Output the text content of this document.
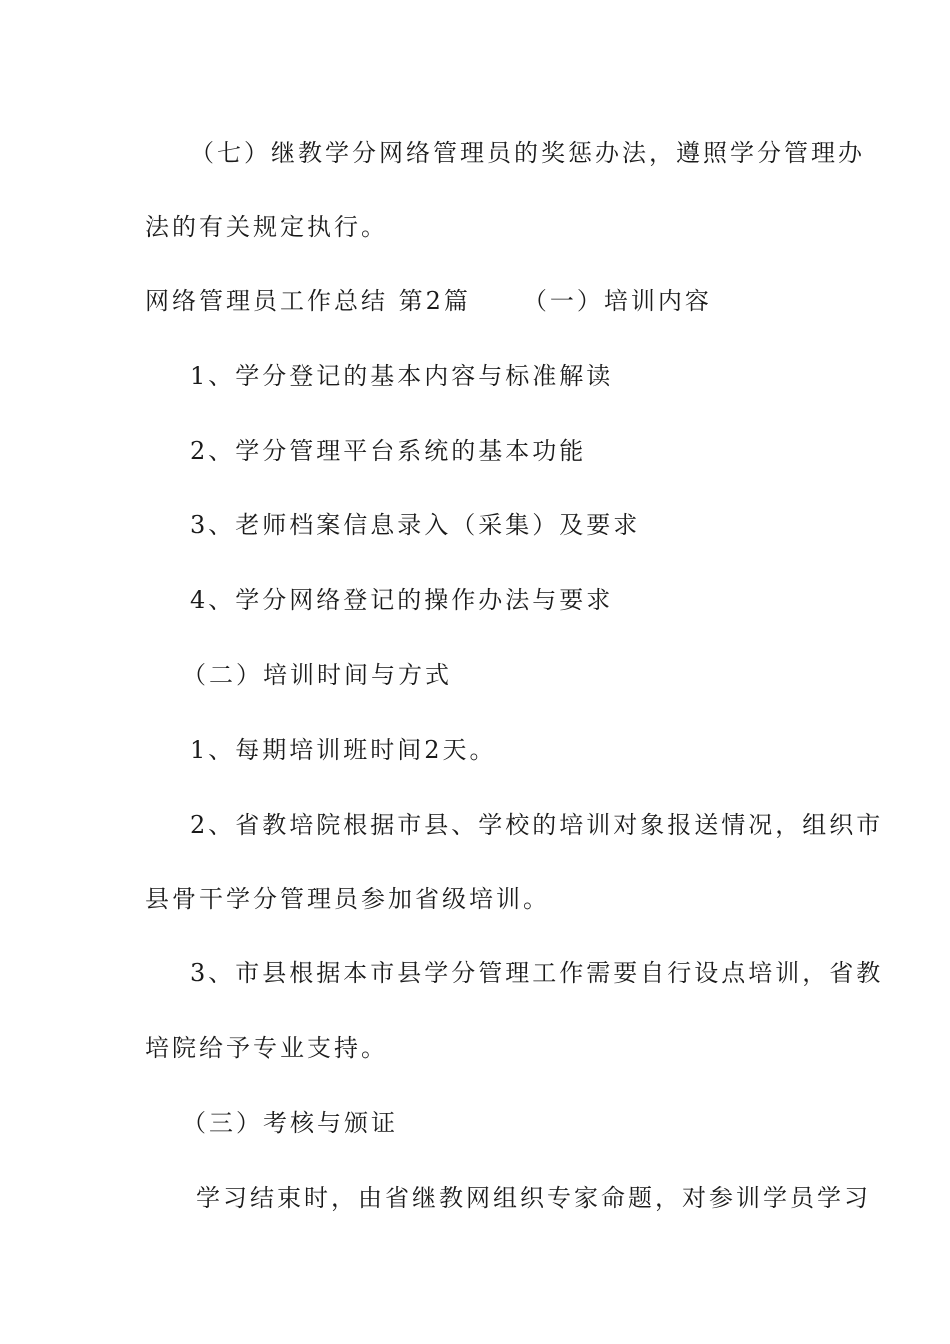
（七）继教学分网络管理员的奖惩办法，遵照学分管理办
法的有关规定执行。
网络管理员工作总结 第2篇 （一）培训内容
1、学分登记的基本内容与标准解读
2、学分管理平台系统的基本功能
3、老师档案信息录入（采集）及要求
4、学分网络登记的操作办法与要求
（二）培训时间与方式
1、每期培训班时间2天。
2、省教培院根据市县、学校的培训对象报送情况，组织市
县骨干学分管理员参加省级培训。
3、市县根据本市县学分管理工作需要自行设点培训，省教
培院给予专业支持。
（三）考核与颁证
学习结束时，由省继教网组织专家命题，对参训学员学习
